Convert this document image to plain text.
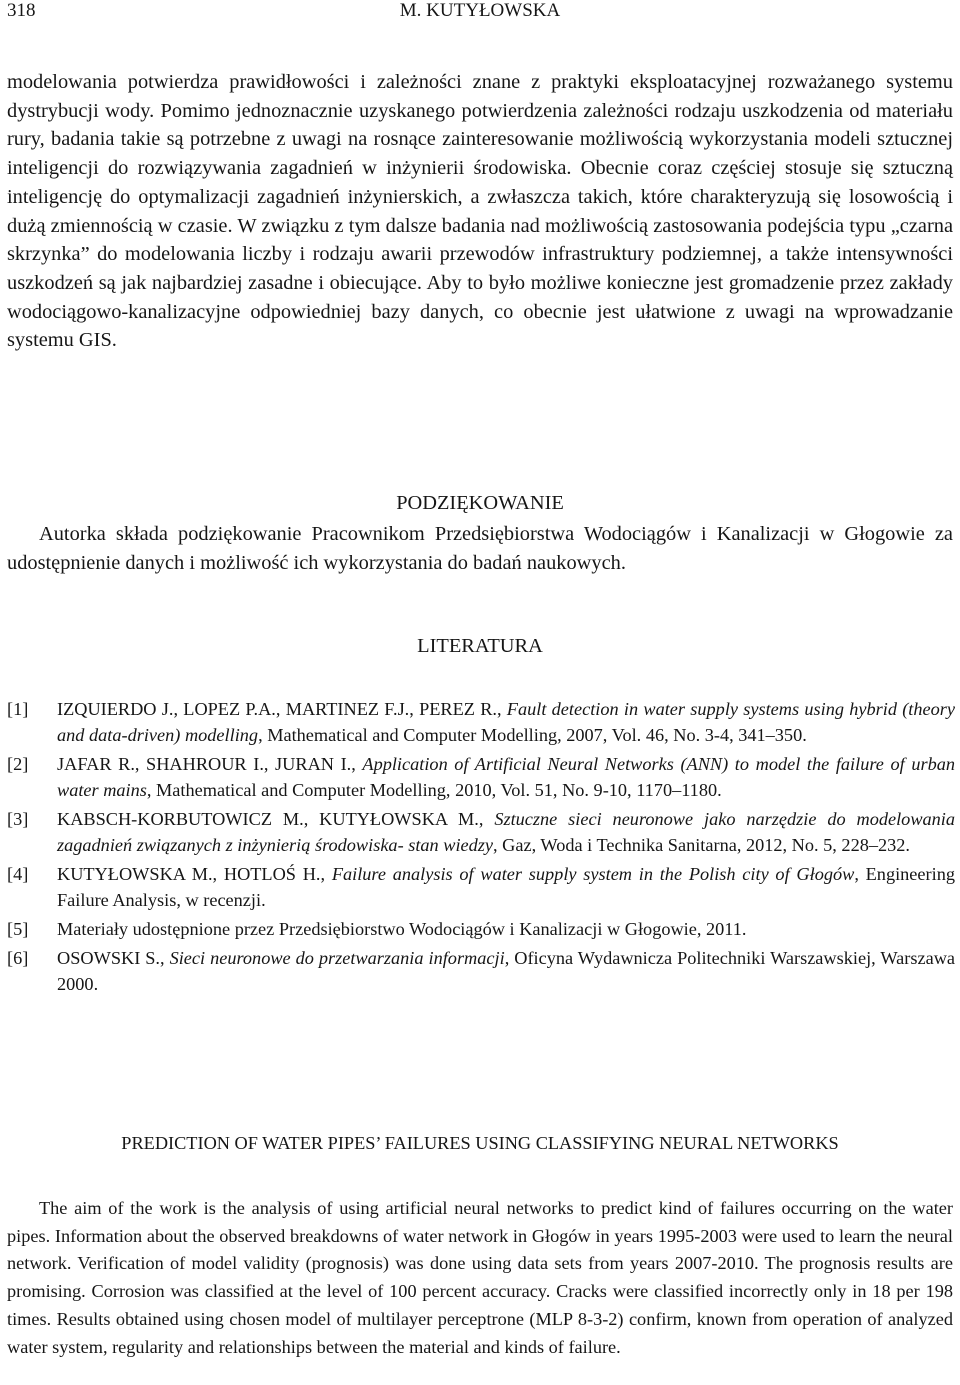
318	M. KUTYŁOWSKA

modelowania potwierdza prawidłowości i zależności znane z praktyki eksploatacyjnej rozważanego systemu dystrybucji wody. Pomimo jednoznacznie uzyskanego potwierdzenia zależności rodzaju uszkodzenia od materiału rury, badania takie są potrzebne z uwagi na rosnące zainteresowanie możliwością wykorzystania modeli sztucznej inteligencji do rozwiązywania zagadnień w inżynierii środowiska. Obecnie coraz częściej stosuje się sztuczną inteligencję do optymalizacji zagadnień inżynierskich, a zwłaszcza takich, które charakteryzują się losowością i dużą zmiennością w czasie. W związku z tym dalsze badania nad możliwością zastosowania podejścia typu „czarna skrzynka” do modelowania liczby i rodzaju awarii przewodów infrastruktury podziemnej, a także intensywności uszkodzeń są jak najbardziej zasadne i obiecujące. Aby to było możliwe konieczne jest gromadzenie przez zakłady wodociągowo-kanalizacyjne odpowiedniej bazy danych, co obecnie jest ułatwione z uwagi na wprowadzanie systemu GIS.

PODZIĘKOWANIE
Autorka składa podziękowanie Pracownikom Przedsiębiorstwa Wodociągów i Kanalizacji w Głogowie za udostępnienie danych i możliwość ich wykorzystania do badań naukowych.
LITERATURA
[1] IZQUIERDO J., LOPEZ P.A., MARTINEZ F.J., PEREZ R., Fault detection in water supply systems using hybrid (theory and data-driven) modelling, Mathematical and Computer Modelling, 2007, Vol. 46, No. 3-4, 341–350.
[2] JAFAR R., SHAHROUR I., JURAN I., Application of Artificial Neural Networks (ANN) to model the failure of urban water mains, Mathematical and Computer Modelling, 2010, Vol. 51, No. 9-10, 1170–1180.
[3] KABSCH-KORBUTOWICZ M., KUTYŁOWSKA M., Sztuczne sieci neuronowe jako narzędzie do modelowania zagadnień związanych z inżynierią środowiska- stan wiedzy, Gaz, Woda i Technika Sanitarna, 2012, No. 5, 228–232.
[4] KUTYŁOWSKA M., HOTLOŚ H., Failure analysis of water supply system in the Polish city of Głogów, Engineering Failure Analysis, w recenzji.
[5] Materiały udostępnione przez Przedsiębiorstwo Wodociągów i Kanalizacji w Głogowie, 2011.
[6] OSOWSKI S., Sieci neuronowe do przetwarzania informacji, Oficyna Wydawnicza Politechniki Warszawskiej, Warszawa 2000.
PREDICTION OF WATER PIPES’ FAILURES USING CLASSIFYING NEURAL NETWORKS
The aim of the work is the analysis of using artificial neural networks to predict kind of failures occurring on the water pipes. Information about the observed breakdowns of water network in Głogów in years 1995-2003 were used to learn the neural network. Verification of model validity (prognosis) was done using data sets from years 2007-2010. The prognosis results are promising. Corrosion was classified at the level of 100 percent accuracy. Cracks were classified incorrectly only in 18 per 198 times. Results obtained using chosen model of multilayer perceptrone (MLP 8-3-2) confirm, known from operation of analyzed water system, regularity and relationships between the material and kinds of failure.
